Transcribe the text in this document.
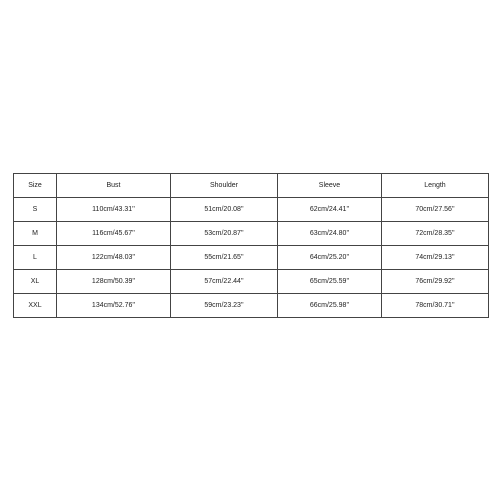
Size	Bust	Shoulder	Sleeve	Length
S	110cm/43.31''	51cm/20.08''	62cm/24.41''	70cm/27.56''
M	116cm/45.67''	53cm/20.87''	63cm/24.80''	72cm/28.35''
L	122cm/48.03''	55cm/21.65''	64cm/25.20''	74cm/29.13''
XL	128cm/50.39''	57cm/22.44''	65cm/25.59''	76cm/29.92''
XXL	134cm/52.76''	59cm/23.23''	66cm/25.98''	78cm/30.71''
